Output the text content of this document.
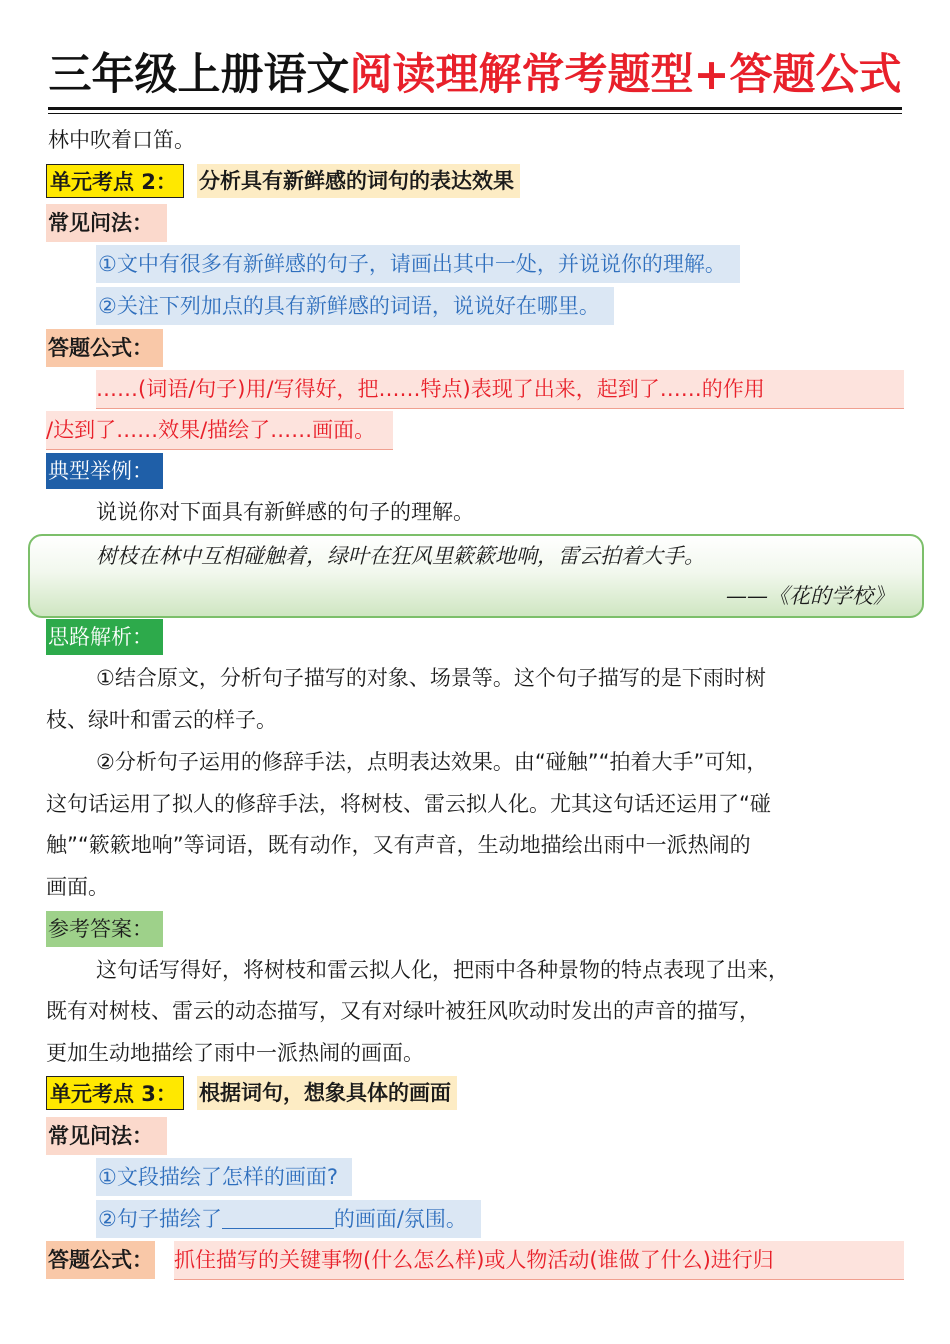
三年级上册语文阅读理解常考题型+答题公式
林中吹着口笛。
单元考点 2：	分析具有新鲜感的词句的表达效果
常见问法：
①文中有很多有新鲜感的句子，请画出其中一处，并说说你的理解。
②关注下列加点的具有新鲜感的词语，说说好在哪里。
答题公式：
……(词语/句子)用/写得好，把……特点)表现了出来，起到了……的作用
/达到了……效果/描绘了……画面。
典型举例：
说说你对下面具有新鲜感的句子的理解。
树枝在林中互相碰触着，绿叶在狂风里簌簌地响，雷云拍着大手。
——《花的学校》
思路解析：
①结合原文，分析句子描写的对象、场景等。这个句子描写的是下雨时树
枝、绿叶和雷云的样子。
②分析句子运用的修辞手法，点明表达效果。由“碰触”“拍着大手”可知，
这句话运用了拟人的修辞手法，将树枝、雷云拟人化。尤其这句话还运用了“碰
触”“簌簌地响”等词语，既有动作，又有声音，生动地描绘出雨中一派热闹的
画面。
参考答案：
这句话写得好，将树枝和雷云拟人化，把雨中各种景物的特点表现了出来，
既有对树枝、雷云的动态描写，又有对绿叶被狂风吹动时发出的声音的描写，
更加生动地描绘了雨中一派热闹的画面。
单元考点 3：	根据词句，想象具体的画面
常见问法：
①文段描绘了怎样的画面?
②句子描绘了	的画面/氛围。
答题公式： 抓住描写的关键事物(什么怎么样)或人物活动(谁做了什么)进行归
